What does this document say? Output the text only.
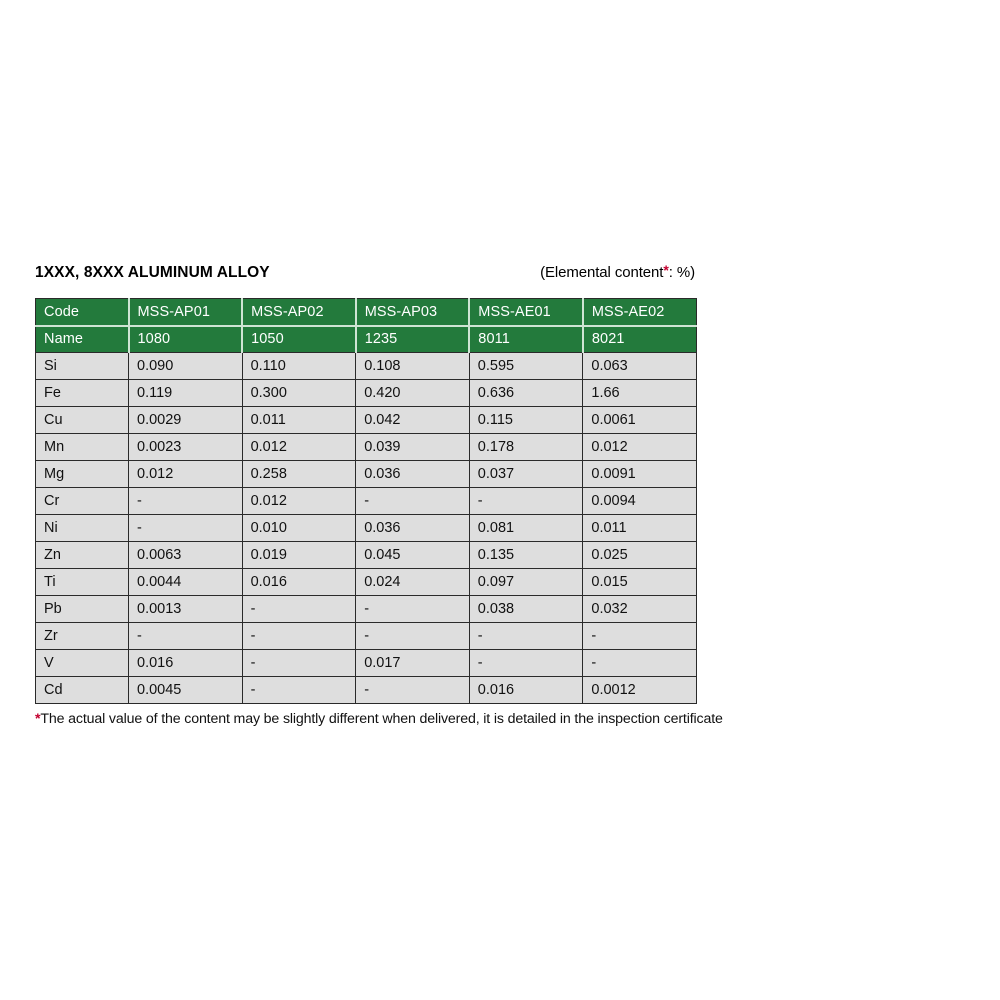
1XXX, 8XXX ALUMINUM ALLOY	(Elemental content*: %)
Code	MSS-AP01	MSS-AP02	MSS-AP03	MSS-AE01	MSS-AE02
Name	1080	1050	1235	8011	8021
Si	0.090	0.110	0.108	0.595	0.063
Fe	0.119	0.300	0.420	0.636	1.66
Cu	0.0029	0.011	0.042	0.115	0.0061
Mn	0.0023	0.012	0.039	0.178	0.012
Mg	0.012	0.258	0.036	0.037	0.0091
Cr	-	0.012	-	-	0.0094
Ni	-	0.010	0.036	0.081	0.011
Zn	0.0063	0.019	0.045	0.135	0.025
Ti	0.0044	0.016	0.024	0.097	0.015
Pb	0.0013	-	-	0.038	0.032
Zr	-	-	-	-	-
V	0.016	-	0.017	-	-
Cd	0.0045	-	-	0.016	0.0012
*The actual value of the content may be slightly different when delivered, it is detailed in the inspection certificate
